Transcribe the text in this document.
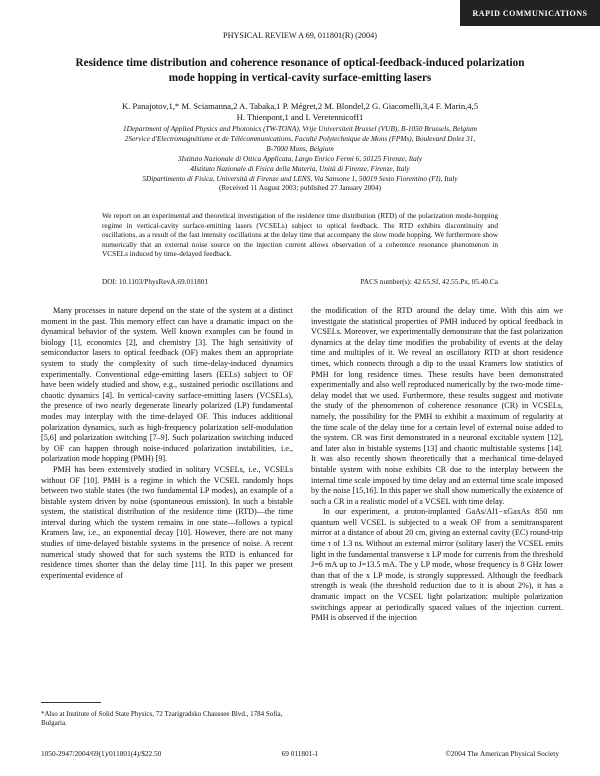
RAPID COMMUNICATIONS
PHYSICAL REVIEW A 69, 011801(R) (2004)
Residence time distribution and coherence resonance of optical-feedback-induced polarization
mode hopping in vertical-cavity surface-emitting lasers
K. Panajotov,1,* M. Sciamanna,2 A. Tabaka,1 P. Mégret,2 M. Blondel,2 G. Giacomelli,3,4 F. Marin,4,5
H. Thienpont,1 and I. Veretennicoff1
1Department of Applied Physics and Photonics (TW-TONA), Vrije Universiteit Brussel (VUB), B-1050 Brussels, Belgium
2Service d'Electromagnétisme et de Télécommunications, Faculté Polytechnique de Mons (FPMs), Boulevard Dolez 31,
B-7000 Mons, Belgium
3Istituto Nazionale di Ottica Applicata, Largo Enrico Fermi 6, 50125 Firenze, Italy
4Istituto Nazionale di Fisica della Materia, Unità di Firenze, Firenze, Italy
5Dipartimento di Fisica, Università di Firenze and LENS, Via Sansone 1, 50019 Sesto Fiorentino (FI), Italy
(Received 11 August 2003; published 27 January 2004)
We report on an experimental and theoretical investigation of the residence time distribution (RTD) of the polarization mode-hopping regime in vertical-cavity surface-emitting lasers (VCSELs) subject to optical feedback. The RTD exhibits discontinuity and oscillations, as a result of the fast intensity oscillations at the delay time that accompany the slow mode hopping. We furthermore show numerically that an external noise source on the injection current allows observation of a coherence resonance phenomenon in VCSELs induced by time-delayed feedback.
DOI: 10.1103/PhysRevA.69.011801	PACS number(s): 42.65.Sf, 42.55.Px, 05.40.Ca

Many processes in nature depend on the state of the system at a distinct moment in the past. This memory effect can have a dramatic impact on the dynamical behavior of the system. Well known examples can be found in biology [1], economics [2], and chemistry [3]. The high sensitivity of semiconductor lasers to optical feedback (OF) makes them an appropriate system to study the complexity of such time-delay-induced dynamics experimentally. Conventional edge-emitting lasers (EELs) subject to OF have been widely studied and show, e.g., sustained periodic oscillations and chaotic dynamics [4]. In vertical-cavity surface-emitting lasers (VCSELs), the presence of two nearly degenerate linearly polarized (LP) fundamental modes may interplay with the time-delayed OF. This induces additional polarization dynamics, such as high-frequency polarization self-modulation [5,6] and polarization switching [7–9]. Such polarization switching induced by OF can happen through noise-induced polarization instabilities, i.e., polarization mode hopping (PMH) [9].

PMH has been extensively studied in solitary VCSELs, i.e., VCSELs without OF [10]. PMH is a regime in which the VCSEL randomly hops between two stable states (the two fundamental LP modes), an example of a bistable system driven by noise (spontaneous emission). In such a bistable system, the statistical distribution of the residence time (RTD)—the time interval during which the system remains in one state—follows a typical Kramers law, i.e., an exponential decay [10]. However, there are not many studies of time-delayed bistable systems in the presence of noise. A recent numerical study showed that for such systems the RTD is enhanced for residence times shorter than the delay time [11]. In this paper we present experimental evidence of

the modification of the RTD around the delay time. With this aim we investigate the statistical properties of PMH induced by optical feedback in VCSELs. Moreover, we experimentally demonstrate that the fast polarization dynamics at the delay time modifies the probability of events at the delay time and multiples of it. We reveal an oscillatory RTD at short residence times, which connects through a dip to the usual Kramers low statistics of PMH for long residence times. These results have been demonstrated experimentally and also well reproduced numerically by the two-mode time-delay model that we used. Furthermore, these results suggest and motivate the study of the phenomenon of coherence resonance (CR) in VCSELs, namely, the possibility for the PMH to exhibit a maximum of regularity at the time scale of the delay time for a certain level of external noise added to the system. CR was first demonstrated in a neuronal excitable system [12], and later also in bistable systems [13] and chaotic multistable systems [14]. It was also recently shown theoretically that a mechanical time-delayed bistable system with noise exhibits CR due to the interplay between the internal time scale imposed by time delay and an external time scale imposed by the noise [15,16]. In this paper we shall show numerically the existence of such a CR in a realistic model of a VCSEL with time delay.

In our experiment, a proton-implanted GaAs/Al1−xGaxAs 850 nm quantum well VCSEL is subjected to a weak OF from a semitransparent mirror at a distance of about 20 cm, giving an external cavity (EC) round-trip time τ of 1.3 ns. Without an external mirror (solitary laser) the VCSEL emits light in the fundamental transverse x LP mode for currents from the threshold J=6 mA up to J=13.5 mA. The y LP mode, whose frequency is 8 GHz lower than that of the x LP mode, is strongly suppressed. Although the feedback strength is weak (the threshold reduction due to it is about 2%), it has a dramatic impact on the VCSEL light polarization: multiple polarization switchings appear at periodically spaced values of the injection current. PMH is observed if the injection

*Also at Institute of Solid State Physics, 72 Tzarigradsko Chaussee Blvd., 1784 Sofia, Bulgaria.
1050-2947/2004/69(1)/011801(4)/$22.50	69 011801-1	©2004 The American Physical Society
